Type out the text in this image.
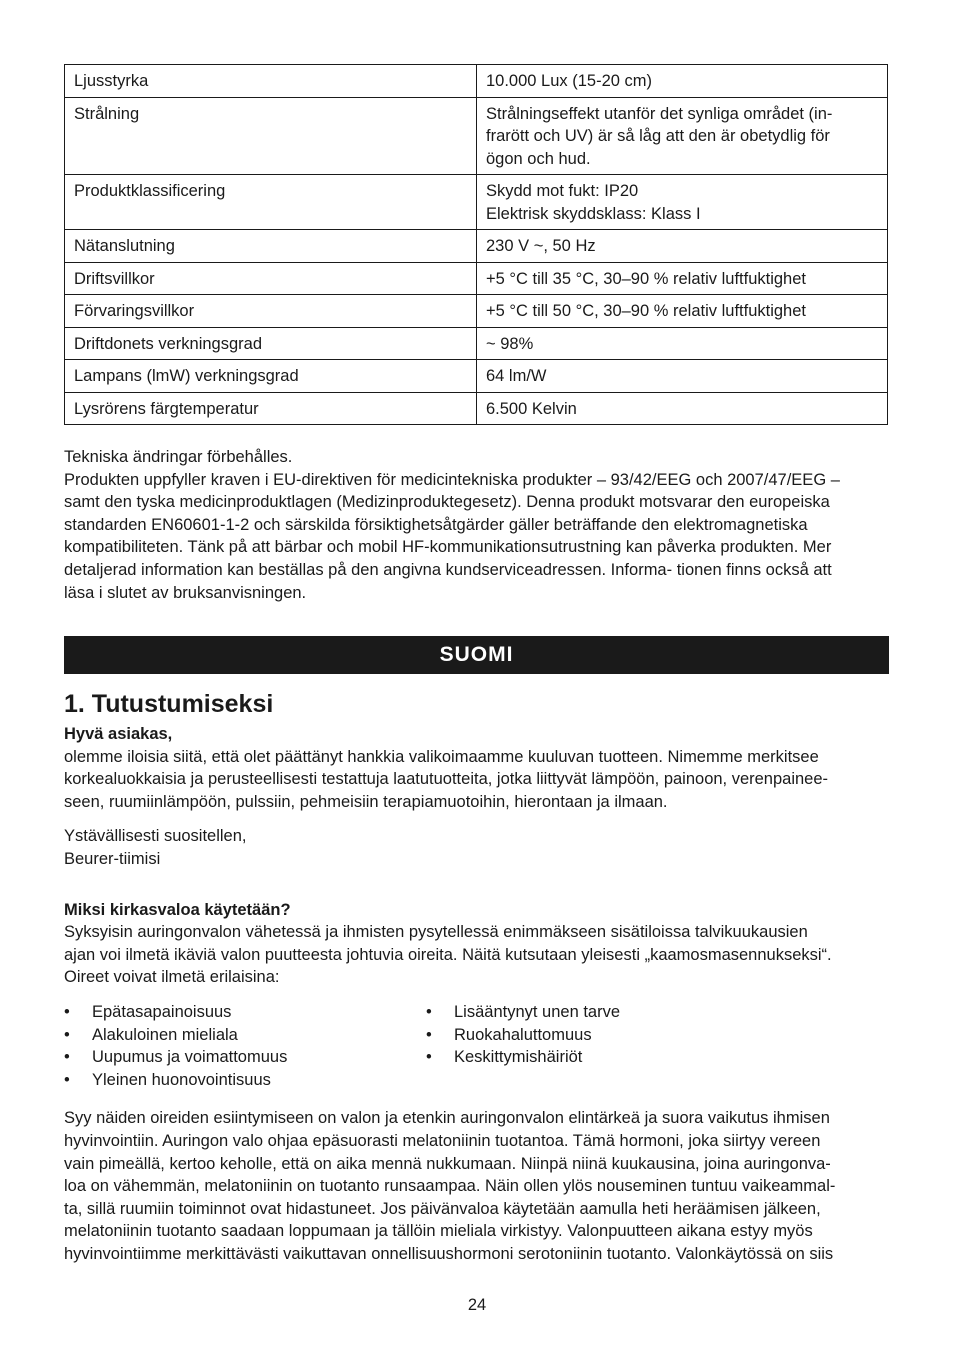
Ljusstyrka	10.000 Lux (15-20 cm)

Strålning	Strålningseffekt utanför det synliga området (in-
frarött och UV) är så låg att den är obetydlig för
ögon och hud.

Produktklassificering	Skydd mot fukt: IP20
Elektrisk skyddsklass: Klass I

Nätanslutning	230 V ~, 50 Hz

Driftsvillkor	+5 °C till 35 °C, 30–90 % relativ luftfuktighet

Förvaringsvillkor	+5 °C till 50 °C, 30–90 % relativ luftfuktighet

Driftdonets verkningsgrad	~ 98%

Lampans (lmW) verkningsgrad	64 lm/W

Lysrörens färgtemperatur	6.500 Kelvin

Tekniska ändringar förbehålles.

Produkten uppfyller kraven i EU-direktiven för medicintekniska produkter – 93/42/EEG och 2007/47/EEG –

samt den tyska medicinproduktlagen (Medizinproduktegesetz). Denna produkt motsvarar den europeiska

standarden EN60601-1-2 och särskilda försiktighetsåtgärder gäller beträffande den elektromagnetiska

kompatibiliteten. Tänk på att bärbar och mobil HF-kommunikationsutrustning kan påverka produkten. Mer

detaljerad information kan beställas på den angivna kundserviceadressen. Informa- tionen finns också att

läsa i slutet av bruksanvisningen.

SUOMI
1. Tutustumiseksi

Hyvä asiakas,

olemme iloisia siitä, että olet päättänyt hankkia valikoimaamme kuuluvan tuotteen. Nimemme merkitsee

korkealuokkaisia ja perusteellisesti testattuja laatutuotteita, jotka liittyvät lämpöön, painoon, verenpainee-

seen, ruumiinlämpöön, pulssiin, pehmeisiin terapiamuotoihin, hierontaan ja ilmaan.

Ystävällisesti suositellen,

Beurer-tiimisi

Miksi kirkasvaloa käytetään?

Syksyisin auringonvalon vähetessä ja ihmisten pysytellessä enimmäkseen sisätiloissa talvikuukausien

ajan voi ilmetä ikäviä valon puutteesta johtuvia oireita. Näitä kutsutaan yleisesti „kaamosmasennukseksi“.

Oireet voivat ilmetä erilaisina:

•	Epätasapainoisuus
•	Alakuloinen mieliala
•	Uupumus ja voimattomuus
•	Yleinen huonovointisuus
•	Lisääntynyt unen tarve
•	Ruokahaluttomuus
•	Keskittymishäiriöt

Syy näiden oireiden esiintymiseen on valon ja etenkin auringonvalon elintärkeä ja suora vaikutus ihmisen

hyvinvointiin. Auringon valo ohjaa epäsuorasti melatoniinin tuotantoa. Tämä hormoni, joka siirtyy vereen

vain pimeällä, kertoo keholle, että on aika mennä nukkumaan. Niinpä niinä kuukausina, joina auringonva-

loa on vähemmän, melatoniinin on tuotanto runsaampaa. Näin ollen ylös nouseminen tuntuu vaikeammal-

ta, sillä ruumiin toiminnot ovat hidastuneet. Jos päivänvaloa käytetään aamulla heti heräämisen jälkeen,

melatoniinin tuotanto saadaan loppumaan ja tällöin mieliala virkistyy. Valonpuutteen aikana estyy myös

hyvinvointiimme merkittävästi vaikuttavan onnellisuushormoni serotoniinin tuotanto. Valonkäytössä on siis

24
